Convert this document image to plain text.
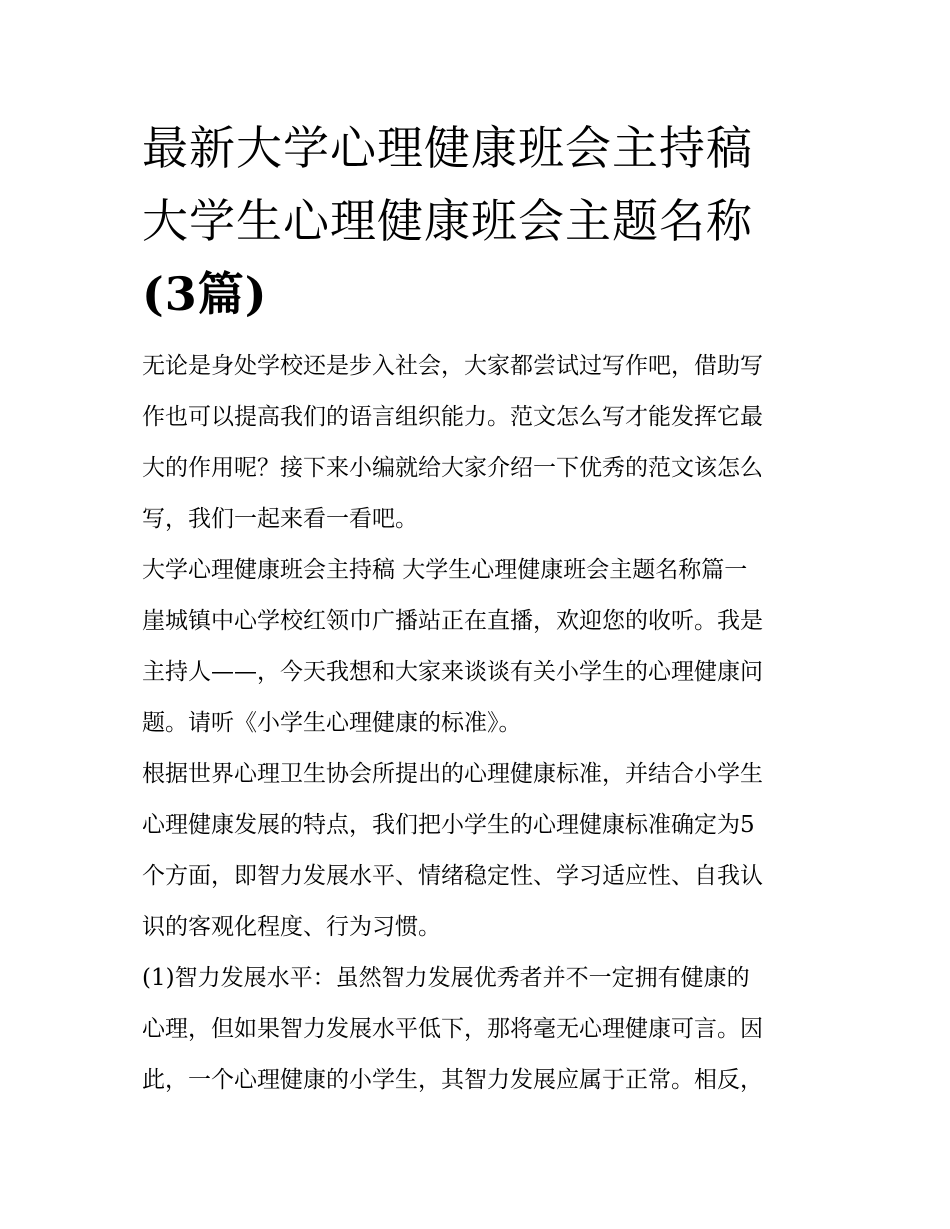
最新大学心理健康班会主持稿
大学生心理健康班会主题名称
(3篇)

无论是身处学校还是步入社会，大家都尝试过写作吧，借助写
作也可以提高我们的语言组织能力。范文怎么写才能发挥它最
大的作用呢？接下来小编就给大家介绍一下优秀的范文该怎么
写，我们一起来看一看吧。

大学心理健康班会主持稿 大学生心理健康班会主题名称篇一

崖城镇中心学校红领巾广播站正在直播，欢迎您的收听。我是
主持人——，今天我想和大家来谈谈有关小学生的心理健康问
题。请听《小学生心理健康的标准》。

根据世界心理卫生协会所提出的心理健康标准，并结合小学生
心理健康发展的特点，我们把小学生的心理健康标准确定为5
个方面，即智力发展水平、情绪稳定性、学习适应性、自我认
识的客观化程度、行为习惯。

(1)智力发展水平：虽然智力发展优秀者并不一定拥有健康的
心理，但如果智力发展水平低下，那将毫无心理健康可言。因
此，一个心理健康的小学生，其智力发展应属于正常。相反，
